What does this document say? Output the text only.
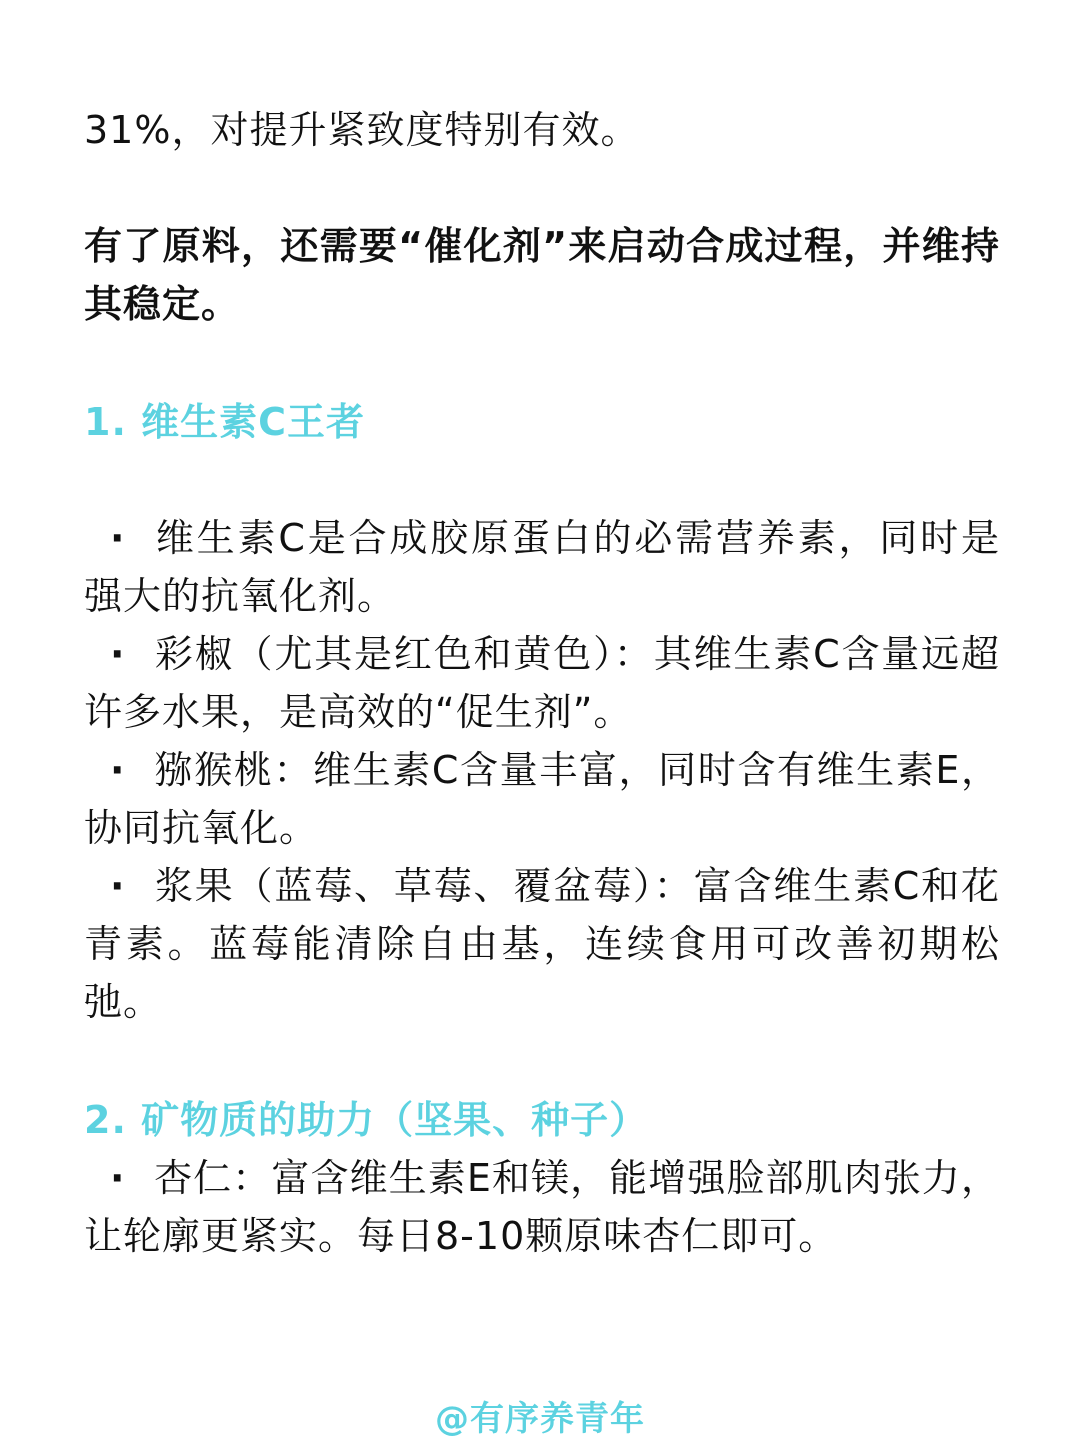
31%，对提升紧致度特别有效。

有了原料，还需要“催化剂”来启动合成过程，并维持其稳定。

1. 维生素C王者

· 维生素C是合成胶原蛋白的必需营养素，同时是强大的抗氧化剂。

· 彩椒（尤其是红色和黄色）：其维生素C含量远超许多水果，是高效的“促生剂”。

· 猕猴桃：维生素C含量丰富，同时含有维生素E，协同抗氧化。

· 浆果（蓝莓、草莓、覆盆莓）：富含维生素C和花青素。蓝莓能清除自由基，连续食用可改善初期松弛。

2. 矿物质的助力（坚果、种子）

· 杏仁：富含维生素E和镁，能增强脸部肌肉张力，让轮廓更紧实。每日8-10颗原味杏仁即可。

@有序养青年
